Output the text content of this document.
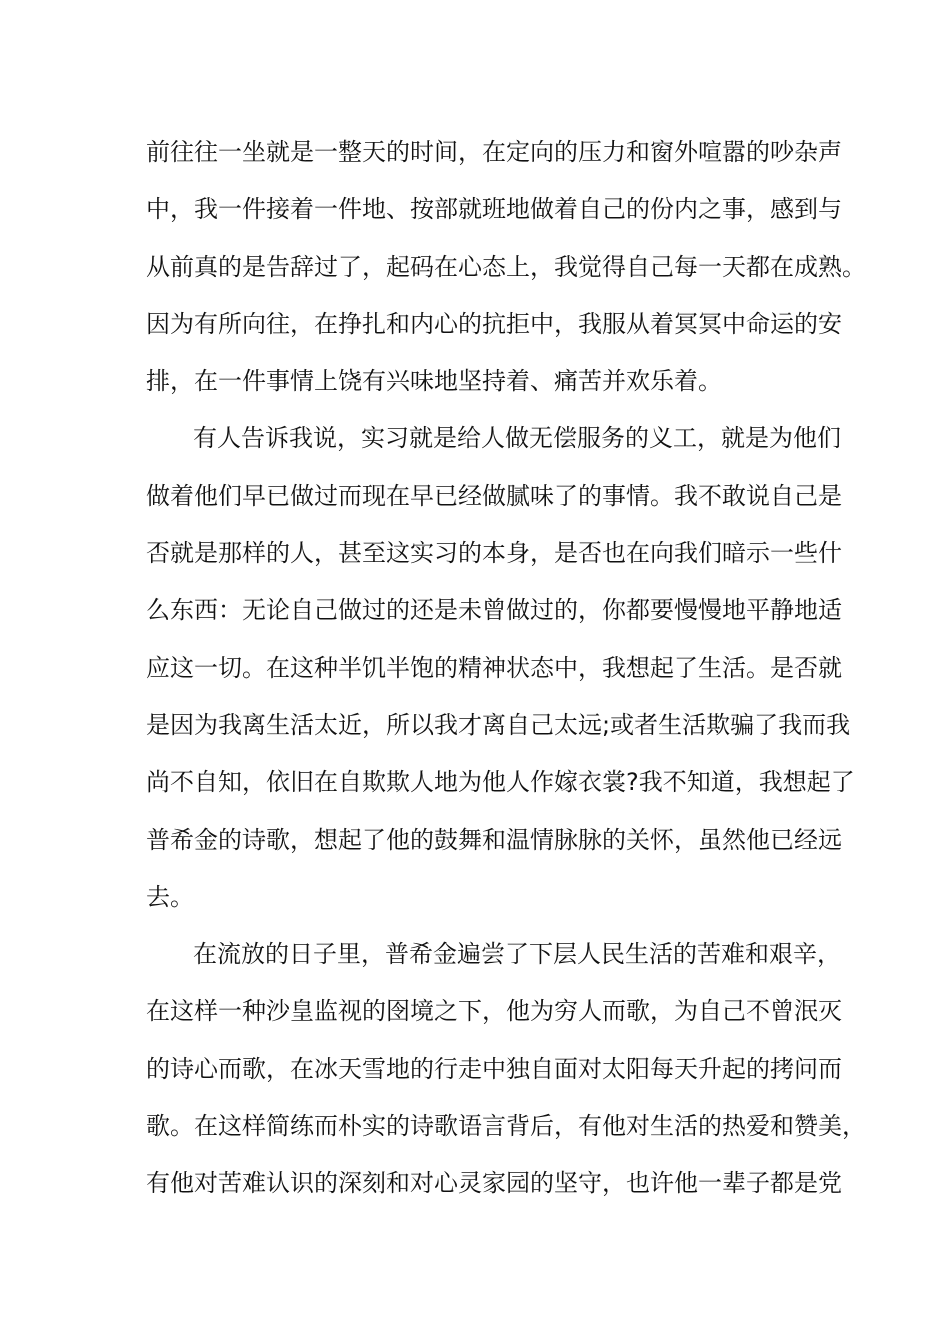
前往往一坐就是一整天的时间，在定向的压力和窗外喧嚣的吵杂声
中，我一件接着一件地、按部就班地做着自己的份内之事，感到与
从前真的是告辞过了，起码在心态上，我觉得自己每一天都在成熟。
因为有所向往，在挣扎和内心的抗拒中，我服从着冥冥中命运的安
排，在一件事情上饶有兴味地坚持着、痛苦并欢乐着。
有人告诉我说，实习就是给人做无偿服务的义工，就是为他们
做着他们早已做过而现在早已经做腻味了的事情。我不敢说自己是
否就是那样的人，甚至这实习的本身，是否也在向我们暗示一些什
么东西：无论自己做过的还是未曾做过的，你都要慢慢地平静地适
应这一切。在这种半饥半饱的精神状态中，我想起了生活。是否就
是因为我离生活太近，所以我才离自己太远;或者生活欺骗了我而我
尚不自知，依旧在自欺欺人地为他人作嫁衣裳?我不知道，我想起了
普希金的诗歌，想起了他的鼓舞和温情脉脉的关怀，虽然他已经远
去。
在流放的日子里，普希金遍尝了下层人民生活的苦难和艰辛，
在这样一种沙皇监视的囹境之下，他为穷人而歌，为自己不曾泯灭
的诗心而歌，在冰天雪地的行走中独自面对太阳每天升起的拷问而
歌。在这样简练而朴实的诗歌语言背后，有他对生活的热爱和赞美，
有他对苦难认识的深刻和对心灵家园的坚守，也许他一辈子都是党
